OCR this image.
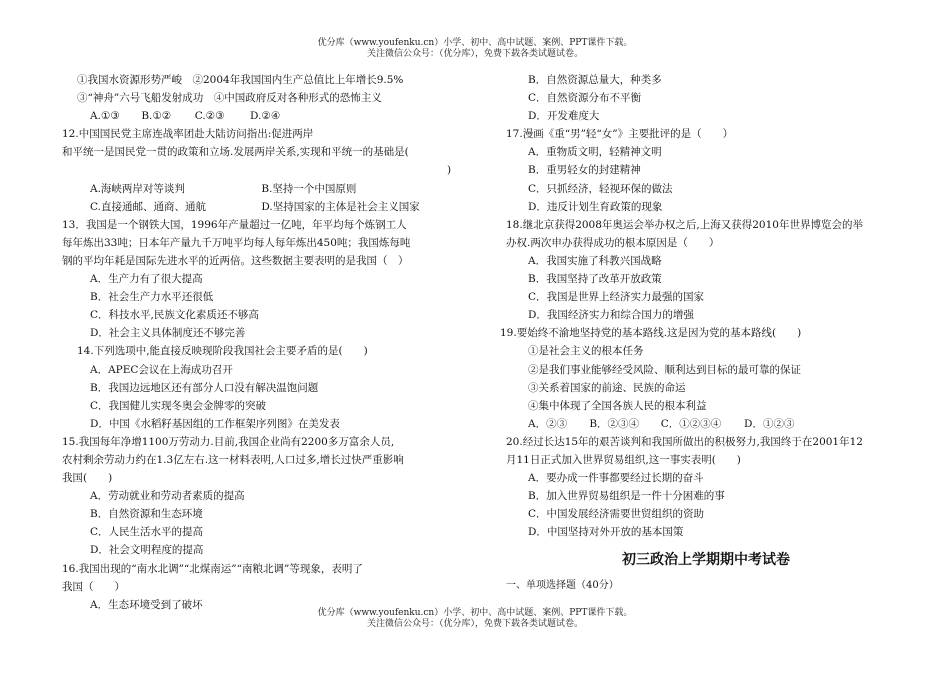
优分库（www.youfenku.cn）小学、初中、高中试题、案例、PPT课件下载。
关注微信公众号：（优分库），免费下载各类试题试卷。
①我国水资源形势严峻　②2004年我国国内生产总值比上年增长9.5%
③“神舟”六号飞船发射成功　④中国政府反对各种形式的恐怖主义
A.①③ B.①② C.②③ D.②④
12.中国国民党主席连战率团赴大陆访问指出:促进两岸
和平统一是国民党一贯的政策和立场.发展两岸关系,实现和平统一的基础是(
)
A.海峡两岸对等谈判	B.坚持一个中国原则
C.直接通邮、通商、通航	D.坚持国家的主体是社会主义国家
13．我国是一个钢铁大国，1996年产量超过一亿吨，年平均每个炼钢工人
每年炼出33吨；日本年产量九千万吨平均每人每年炼出450吨；我国炼每吨
钢的平均年耗是国际先进水平的近两倍。这些数据主要表明的是我国（　）
A．生产力有了很大提高
B．社会生产力水平还很低
C．科技水平,民族文化素质还不够高
D．社会主义具体制度还不够完善
14.下列选项中,能直接反映现阶段我国社会主要矛盾的是(　　)
A．APEC会议在上海成功召开
B．我国边远地区还有部分人口没有解决温饱问题
C．我国健儿实现冬奥会金牌零的突破
D．中国《水稻籽基因组的工作框架序列图》在美发表
15.我国每年净增1100万劳动力.目前,我国企业尚有2200多万富余人员,
农村剩余劳动力约在1.3亿左右.这一材料表明,人口过多,增长过快严重影响
我国(　　)
A．劳动就业和劳动者素质的提高
B．自然资源和生态环境
C．人民生活水平的提高
D．社会文明程度的提高
16.我国出现的“南水北调”“北煤南运”“南粮北调”等现象，表明了
我国（　　）
A．生态环境受到了破坏
B．自然资源总量大，种类多
C．自然资源分布不平衡
D．开发难度大
17.漫画《重“男”轻“女”》主要批评的是（　　）
A．重物质文明，轻精神文明
B．重男轻女的封建精神
C．只抓经济，轻视环保的做法
D．违反计划生育政策的现象
18.继北京获得2008年奥运会举办权之后,上海又获得2010年世界博览会的举
办权.两次申办获得成功的根本原因是（　　）
A．我国实施了科教兴国战略
B．我国坚持了改革开放政策
C．我国是世界上经济实力最强的国家
D．我国经济实力和综合国力的增强
19.要始终不渝地坚持党的基本路线.这是因为党的基本路线(　　)
①是社会主义的根本任务
②是我们事业能够经受风险、顺利达到目标的最可靠的保证
③关系着国家的前途、民族的命运
④集中体现了全国各族人民的根本利益
A．②③ B．②③④ C．①②③④ D．①②③
20.经过长达15年的艰苦谈判和我国所做出的积极努力,我国终于在2001年12
月11日正式加入世界贸易组织,这一事实表明(　　)
A．要办成一件事都要经过长期的奋斗
B．加入世界贸易组织是一件十分困难的事
C．中国发展经济需要世贸组织的资助
D．中国坚持对外开放的基本国策
初三政治上学期期中考试卷
一、单项选择题（40分）
优分库（www.youfenku.cn）小学、初中、高中试题、案例、PPT课件下载。
关注微信公众号：（优分库），免费下载各类试题试卷。
